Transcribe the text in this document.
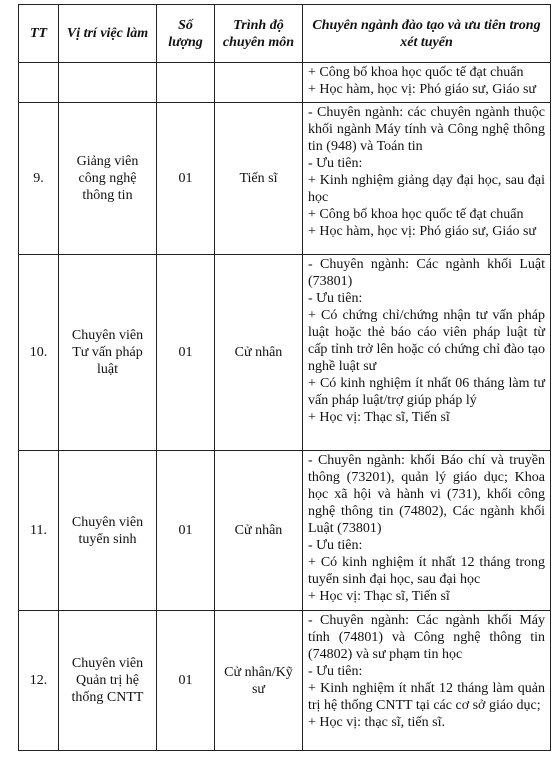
TT	Vị trí việc làm	Số lượng	Trình độ chuyên môn	Chuyên ngành đào tạo và ưu tiên trong xét tuyển

				+ Công bố khoa học quốc tế đạt chuẩn
+ Học hàm, học vị: Phó giáo sư, Giáo sư

9.	Giảng viên công nghệ thông tin	01	Tiến sĩ	- Chuyên ngành: các chuyên ngành thuộc khối ngành Máy tính và Công nghệ thông tin (948) và Toán tin
- Ưu tiên:
+ Kinh nghiệm giảng dạy đại học, sau đại học
+ Công bố khoa học quốc tế đạt chuẩn
+ Học hàm, học vị: Phó giáo sư, Giáo sư

10.	Chuyên viên Tư vấn pháp luật	01	Cử nhân	- Chuyên ngành: Các ngành khối Luật (73801)
- Ưu tiên:
+ Có chứng chỉ/chứng nhận tư vấn pháp luật hoặc thẻ báo cáo viên pháp luật từ cấp tỉnh trở lên hoặc có chứng chỉ đào tạo nghề luật sư
+ Có kinh nghiệm ít nhất 06 tháng làm tư vấn pháp luật/trợ giúp pháp lý
+ Học vị: Thạc sĩ, Tiến sĩ

11.	Chuyên viên tuyển sinh	01	Cử nhân	- Chuyên ngành: khối Báo chí và truyền thông (73201), quản lý giáo dục; Khoa học xã hội và hành vi (731), khối công nghệ thông tin (74802), Các ngành khối Luật (73801)
- Ưu tiên:
+ Có kinh nghiệm ít nhất 12 tháng trong tuyển sinh đại học, sau đại học
+ Học vị: Thạc sĩ, Tiến sĩ

12.	Chuyên viên Quản trị hệ thống CNTT	01	Cử nhân/Kỹ sư	- Chuyên ngành: Các ngành khối Máy tính (74801) và Công nghệ thông tin (74802) và sư phạm tin học
- Ưu tiên:
+ Kinh nghiệm ít nhất 12 tháng làm quản trị hệ thống CNTT tại các cơ sở giáo dục;
+ Học vị: thạc sĩ, tiến sĩ.
